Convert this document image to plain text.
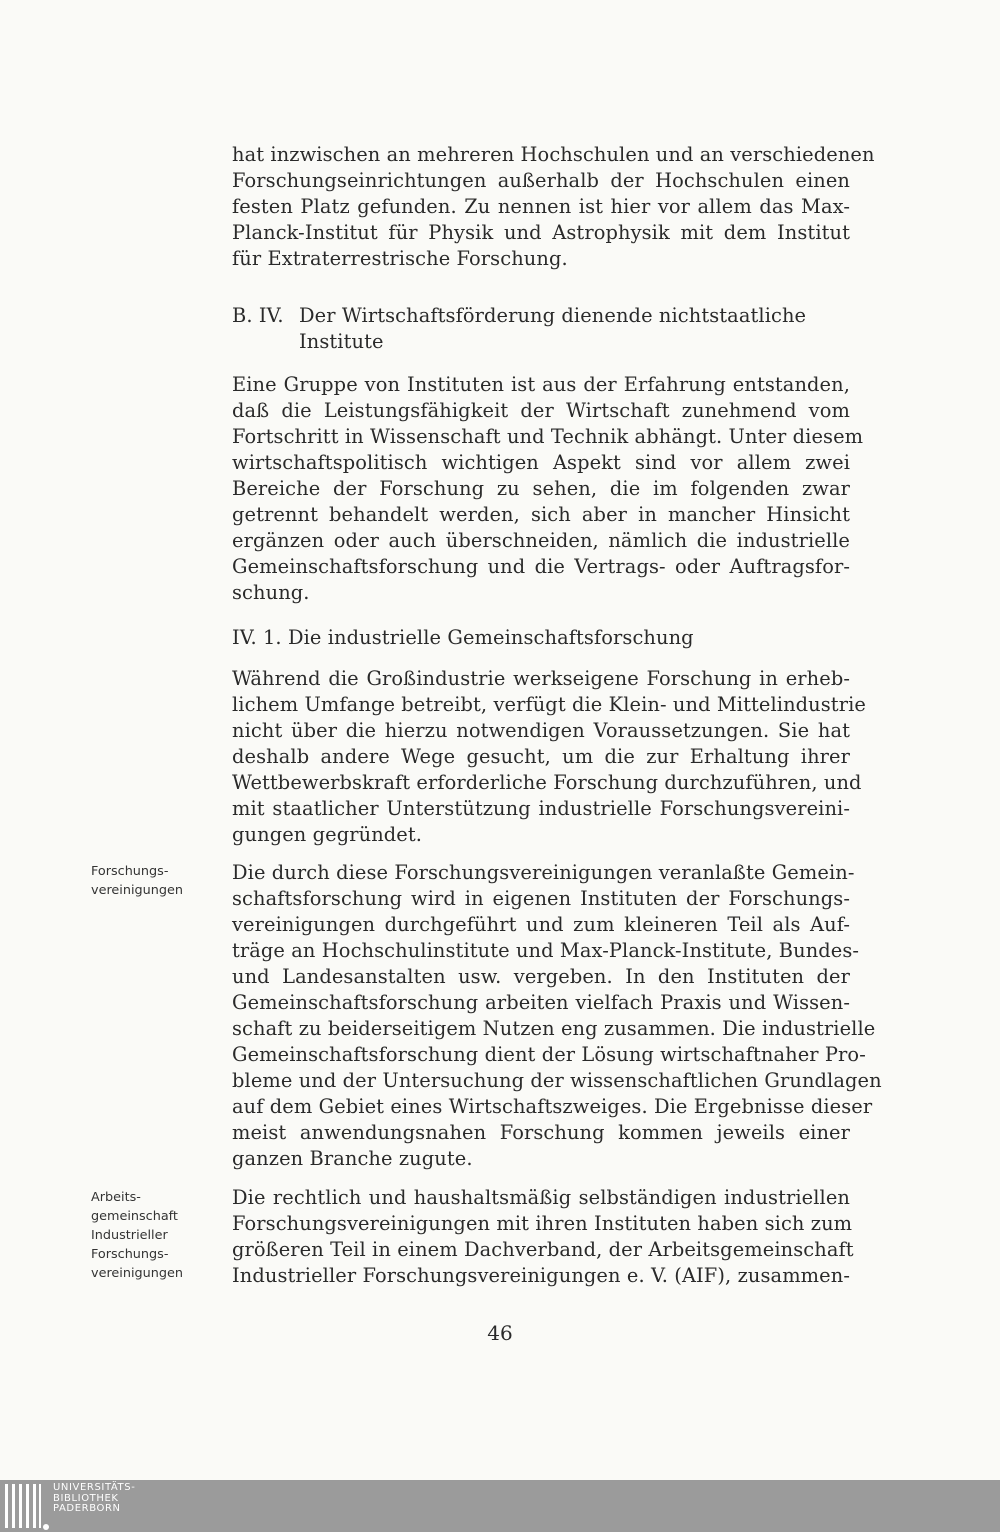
hat inzwischen an mehreren Hochschulen und an verschiedenen
Forschungseinrichtungen außerhalb der Hochschulen einen
festen Platz gefunden. Zu nennen ist hier vor allem das Max-
Planck-Institut für Physik und Astrophysik mit dem Institut
für Extraterrestrische Forschung.
B. IV. Der Wirtschaftsförderung dienende nichtstaatliche
Institute
Eine Gruppe von Instituten ist aus der Erfahrung entstanden,
daß die Leistungsfähigkeit der Wirtschaft zunehmend vom
Fortschritt in Wissenschaft und Technik abhängt. Unter diesem
wirtschaftspolitisch wichtigen Aspekt sind vor allem zwei
Bereiche der Forschung zu sehen, die im folgenden zwar
getrennt behandelt werden, sich aber in mancher Hinsicht
ergänzen oder auch überschneiden, nämlich die industrielle
Gemeinschaftsforschung und die Vertrags- oder Auftragsfor-
schung.
IV. 1. Die industrielle Gemeinschaftsforschung
Während die Großindustrie werkseigene Forschung in erheb-
lichem Umfange betreibt, verfügt die Klein- und Mittelindustrie
nicht über die hierzu notwendigen Voraussetzungen. Sie hat
deshalb andere Wege gesucht, um die zur Erhaltung ihrer
Wettbewerbskraft erforderliche Forschung durchzuführen, und
mit staatlicher Unterstützung industrielle Forschungsvereini-
gungen gegründet.
Forschungs-
vereinigungen
Die durch diese Forschungsvereinigungen veranlaßte Gemein-
schaftsforschung wird in eigenen Instituten der Forschungs-
vereinigungen durchgeführt und zum kleineren Teil als Auf-
träge an Hochschulinstitute und Max-Planck-Institute, Bundes-
und Landesanstalten usw. vergeben. In den Instituten der
Gemeinschaftsforschung arbeiten vielfach Praxis und Wissen-
schaft zu beiderseitigem Nutzen eng zusammen. Die industrielle
Gemeinschaftsforschung dient der Lösung wirtschaftnaher Pro-
bleme und der Untersuchung der wissenschaftlichen Grundlagen
auf dem Gebiet eines Wirtschaftszweiges. Die Ergebnisse dieser
meist anwendungsnahen Forschung kommen jeweils einer
ganzen Branche zugute.
Arbeits-
gemeinschaft
Industrieller
Forschungs-
vereinigungen
Die rechtlich und haushaltsmäßig selbständigen industriellen
Forschungsvereinigungen mit ihren Instituten haben sich zum
größeren Teil in einem Dachverband, der Arbeitsgemeinschaft
Industrieller Forschungsvereinigungen e. V. (AIF), zusammen-
46
UNIVERSITÄTS-
BIBLIOTHEK
PADERBORN
